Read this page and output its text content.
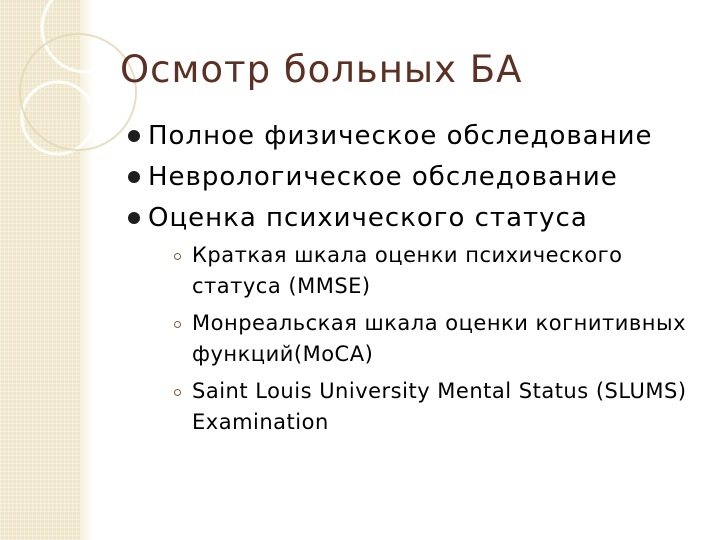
Осмотр больных БА
Полное физическое обследование
Неврологическое обследование
Оценка психического статуса
Краткая шкала оценки психического статуса (MMSE)
Монреальская шкала оценки когнитивных функций(MoCA)
Saint Louis University Mental Status (SLUMS) Examination
